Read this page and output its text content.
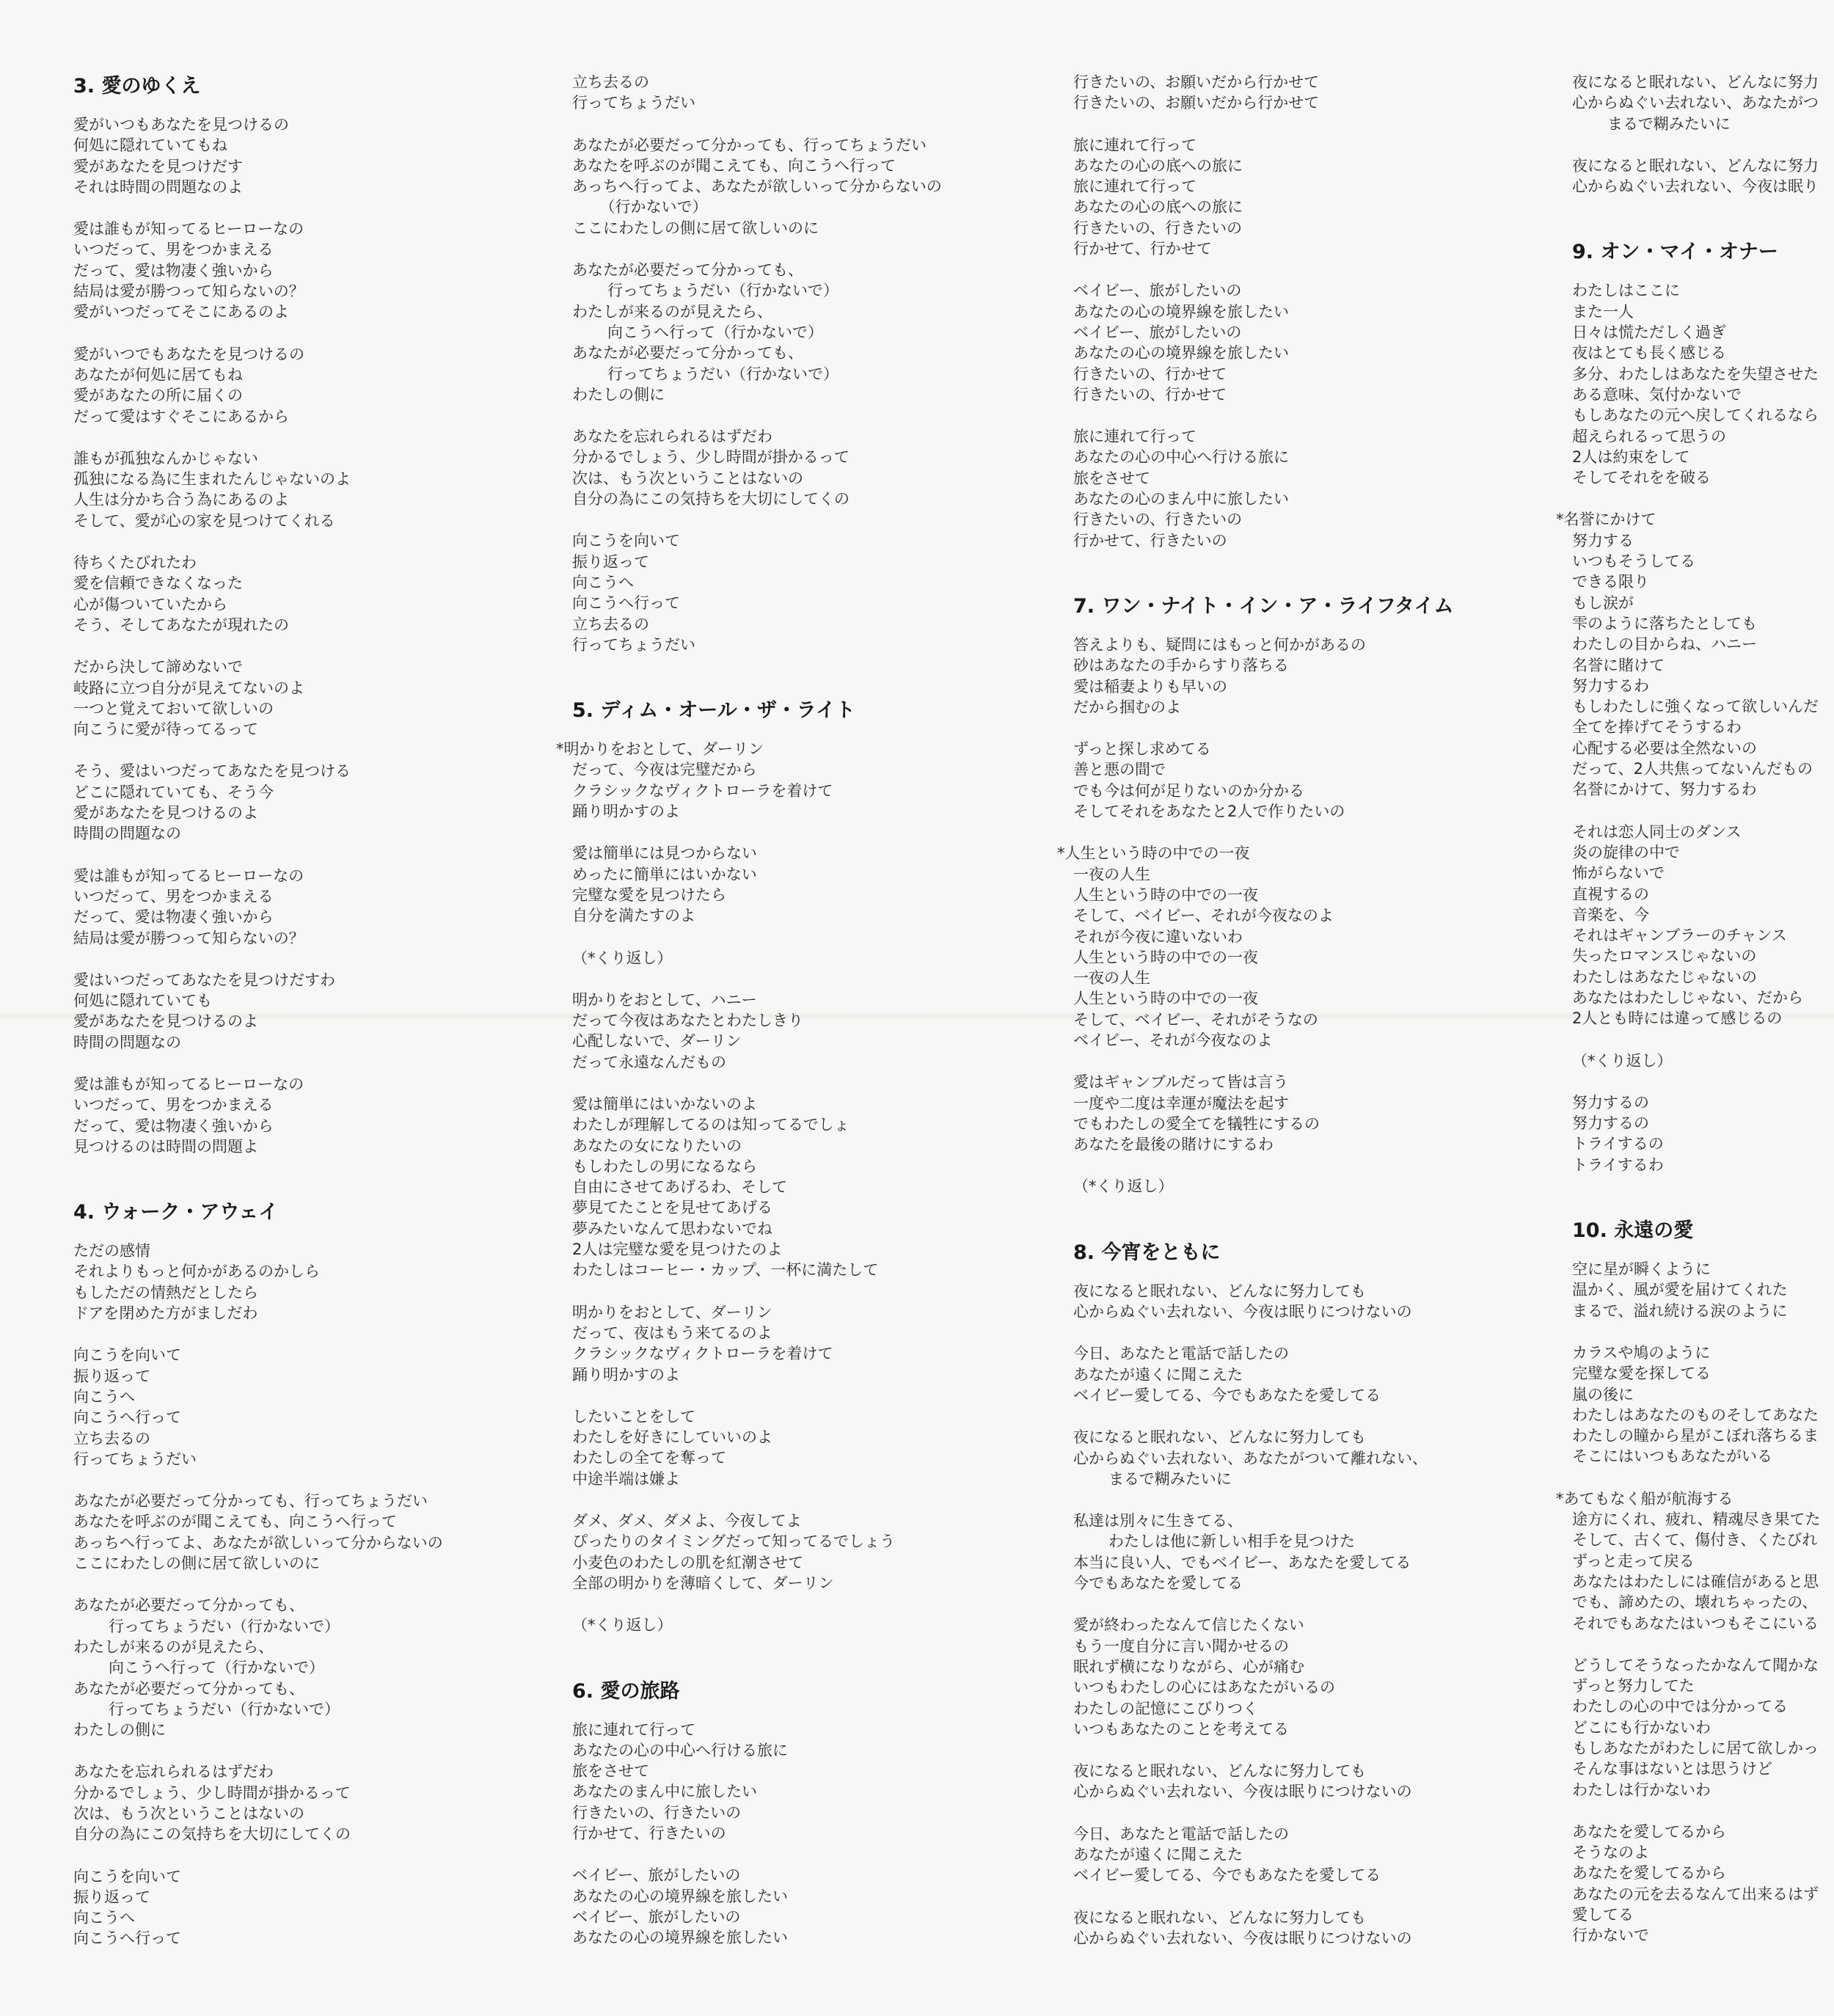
3. 愛のゆくえ
愛がいつもあなたを見つけるの
何処に隠れていてもね
愛があなたを見つけだす
それは時間の問題なのよ
愛は誰もが知ってるヒーローなの
いつだって、男をつかまえる
だって、愛は物凄く強いから
結局は愛が勝つって知らないの？
愛がいつだってそこにあるのよ
愛がいつでもあなたを見つけるの
あなたが何処に居てもね
愛があなたの所に届くの
だって愛はすぐそこにあるから
誰もが孤独なんかじゃない
孤独になる為に生まれたんじゃないのよ
人生は分かち合う為にあるのよ
そして、愛が心の家を見つけてくれる
待ちくたびれたわ
愛を信頼できなくなった
心が傷ついていたから
そう、そしてあなたが現れたの
だから決して諦めないで
岐路に立つ自分が見えてないのよ
一つと覚えておいて欲しいの
向こうに愛が待ってるって
そう、愛はいつだってあなたを見つける
どこに隠れていても、そう今
愛があなたを見つけるのよ
時間の問題なの
愛は誰もが知ってるヒーローなの
いつだって、男をつかまえる
だって、愛は物凄く強いから
結局は愛が勝つって知らないの？
愛はいつだってあなたを見つけだすわ
何処に隠れていても
愛があなたを見つけるのよ
時間の問題なの
愛は誰もが知ってるヒーローなの
いつだって、男をつかまえる
だって、愛は物凄く強いから
見つけるのは時間の問題よ
4. ウォーク・アウェイ
ただの感情
それよりもっと何かがあるのかしら
もしただの情熱だとしたら
ドアを閉めた方がましだわ
向こうを向いて
振り返って
向こうへ
向こうへ行って
立ち去るの
行ってちょうだい
あなたが必要だって分かっても、行ってちょうだい
あなたを呼ぶのが聞こえても、向こうへ行って
あっちへ行ってよ、あなたが欲しいって分からないの
ここにわたしの側に居て欲しいのに
あなたが必要だって分かっても、
　行ってちょうだい（行かないで）
わたしが来るのが見えたら、
　向こうへ行って（行かないで）
あなたが必要だって分かっても、
　行ってちょうだい（行かないで）
わたしの側に
あなたを忘れられるはずだわ
分かるでしょう、少し時間が掛かるって
次は、もう次ということはないの
自分の為にこの気持ちを大切にしてくの
向こうを向いて
振り返って
向こうへ
向こうへ行って
立ち去るの
行ってちょうだい
あなたが必要だって分かっても、行ってちょうだい
あなたを呼ぶのが聞こえても、向こうへ行って
あっちへ行ってよ、あなたが欲しいって分からないの
　（行かないで）
ここにわたしの側に居て欲しいのに
あなたが必要だって分かっても、
　行ってちょうだい（行かないで）
わたしが来るのが見えたら、
　向こうへ行って（行かないで）
あなたが必要だって分かっても、
　行ってちょうだい（行かないで）
わたしの側に
あなたを忘れられるはずだわ
分かるでしょう、少し時間が掛かるって
次は、もう次ということはないの
自分の為にこの気持ちを大切にしてくの
向こうを向いて
振り返って
向こうへ
向こうへ行って
立ち去るの
行ってちょうだい
5. ディム・オール・ザ・ライト
*明かりをおとして、ダーリン
だって、今夜は完璧だから
クラシックなヴィクトローラを着けて
踊り明かすのよ
愛は簡単には見つからない
めったに簡単にはいかない
完璧な愛を見つけたら
自分を満たすのよ
（*くり返し）
明かりをおとして、ハニー
だって今夜はあなたとわたしきり
心配しないで、ダーリン
だって永遠なんだもの
愛は簡単にはいかないのよ
わたしが理解してるのは知ってるでしょ
あなたの女になりたいの
もしわたしの男になるなら
自由にさせてあげるわ、そして
夢見てたことを見せてあげる
夢みたいなんて思わないでね
2人は完璧な愛を見つけたのよ
わたしはコーヒー・カップ、一杯に満たして
明かりをおとして、ダーリン
だって、夜はもう来てるのよ
クラシックなヴィクトローラを着けて
踊り明かすのよ
したいことをして
わたしを好きにしていいのよ
わたしの全てを奪って
中途半端は嫌よ
ダメ、ダメ、ダメよ、今夜してよ
ぴったりのタイミングだって知ってるでしょう
小麦色のわたしの肌を紅潮させて
全部の明かりを薄暗くして、ダーリン
（*くり返し）
6. 愛の旅路
旅に連れて行って
あなたの心の中心へ行ける旅に
旅をさせて
あなたのまん中に旅したい
行きたいの、行きたいの
行かせて、行きたいの
ベイビー、旅がしたいの
あなたの心の境界線を旅したい
ベイビー、旅がしたいの
あなたの心の境界線を旅したい
行きたいの、お願いだから行かせて
行きたいの、お願いだから行かせて
旅に連れて行って
あなたの心の底への旅に
旅に連れて行って
あなたの心の底への旅に
行きたいの、行きたいの
行かせて、行かせて
ベイビー、旅がしたいの
あなたの心の境界線を旅したい
ベイビー、旅がしたいの
あなたの心の境界線を旅したい
行きたいの、行かせて
行きたいの、行かせて
旅に連れて行って
あなたの心の中心へ行ける旅に
旅をさせて
あなたの心のまん中に旅したい
行きたいの、行きたいの
行かせて、行きたいの
7. ワン・ナイト・イン・ア・ライフタイム
答えよりも、疑問にはもっと何かがあるの
砂はあなたの手からすり落ちる
愛は稲妻よりも早いの
だから掴むのよ
ずっと探し求めてる
善と悪の間で
でも今は何が足りないのか分かる
そしてそれをあなたと2人で作りたいの
*人生という時の中での一夜
一夜の人生
人生という時の中での一夜
そして、ベイビー、それが今夜なのよ
それが今夜に違いないわ
人生という時の中での一夜
一夜の人生
人生という時の中での一夜
そして、ベイビー、それがそうなの
ベイビー、それが今夜なのよ
愛はギャンブルだって皆は言う
一度や二度は幸運が魔法を起す
でもわたしの愛全てを犠牲にするの
あなたを最後の賭けにするわ
（*くり返し）
8. 今宵をともに
夜になると眠れない、どんなに努力しても
心からぬぐい去れない、今夜は眠りにつけないの
今日、あなたと電話で話したの
あなたが遠くに聞こえた
ベイビー愛してる、今でもあなたを愛してる
夜になると眠れない、どんなに努力しても
心からぬぐい去れない、あなたがついて離れない、
　まるで糊みたいに
私達は別々に生きてる、
　わたしは他に新しい相手を見つけた
本当に良い人、でもベイビー、あなたを愛してる
今でもあなたを愛してる
愛が終わったなんて信じたくない
もう一度自分に言い聞かせるの
眠れず横になりながら、心が痛む
いつもわたしの心にはあなたがいるの
わたしの記憶にこびりつく
いつもあなたのことを考えてる
夜になると眠れない、どんなに努力しても
心からぬぐい去れない、今夜は眠りにつけないの
今日、あなたと電話で話したの
あなたが遠くに聞こえた
ベイビー愛してる、今でもあなたを愛してる
夜になると眠れない、どんなに努力しても
心からぬぐい去れない、今夜は眠りにつけないの
夜になると眠れない、どんなに努力
心からぬぐい去れない、あなたがつ
　まるで糊みたいに
夜になると眠れない、どんなに努力
心からぬぐい去れない、今夜は眠り
9. オン・マイ・オナー
わたしはここに
また一人
日々は慌ただしく過ぎ
夜はとても長く感じる
多分、わたしはあなたを失望させた
ある意味、気付かないで
もしあなたの元へ戻してくれるなら
超えられるって思うの
2人は約束をして
そしてそれをを破る
*名誉にかけて
努力する
いつもそうしてる
できる限り
もし涙が
雫のように落ちたとしても
わたしの目からね、ハニー
名誉に賭けて
努力するわ
もしわたしに強くなって欲しいんだ
全てを捧げてそうするわ
心配する必要は全然ないの
だって、2人共焦ってないんだもの
名誉にかけて、努力するわ
それは恋人同士のダンス
炎の旋律の中で
怖がらないで
直視するの
音楽を、今
それはギャンブラーのチャンス
失ったロマンスじゃないの
わたしはあなたじゃないの
あなたはわたしじゃない、だから
2人とも時には違って感じるの
（*くり返し）
努力するの
努力するの
トライするの
トライするわ
10. 永遠の愛
空に星が瞬くように
温かく、風が愛を届けてくれた
まるで、溢れ続ける涙のように
カラスや鳩のように
完璧な愛を探してる
嵐の後に
わたしはあなたのものそしてあなた
わたしの瞳から星がこぼれ落ちるま
そこにはいつもあなたがいる
*あてもなく船が航海する
途方にくれ、疲れ、精魂尽き果てた
そして、古くて、傷付き、くたびれ
ずっと走って戻る
あなたはわたしには確信があると思
でも、諦めたの、壊れちゃったの、
それでもあなたはいつもそこにいる
どうしてそうなったかなんて聞かな
ずっと努力してた
わたしの心の中では分かってる
どこにも行かないわ
もしあなたがわたしに居て欲しかっ
そんな事はないとは思うけど
わたしは行かないわ
あなたを愛してるから
そうなのよ
あなたを愛してるから
あなたの元を去るなんて出来るはず
愛してる
行かないで
